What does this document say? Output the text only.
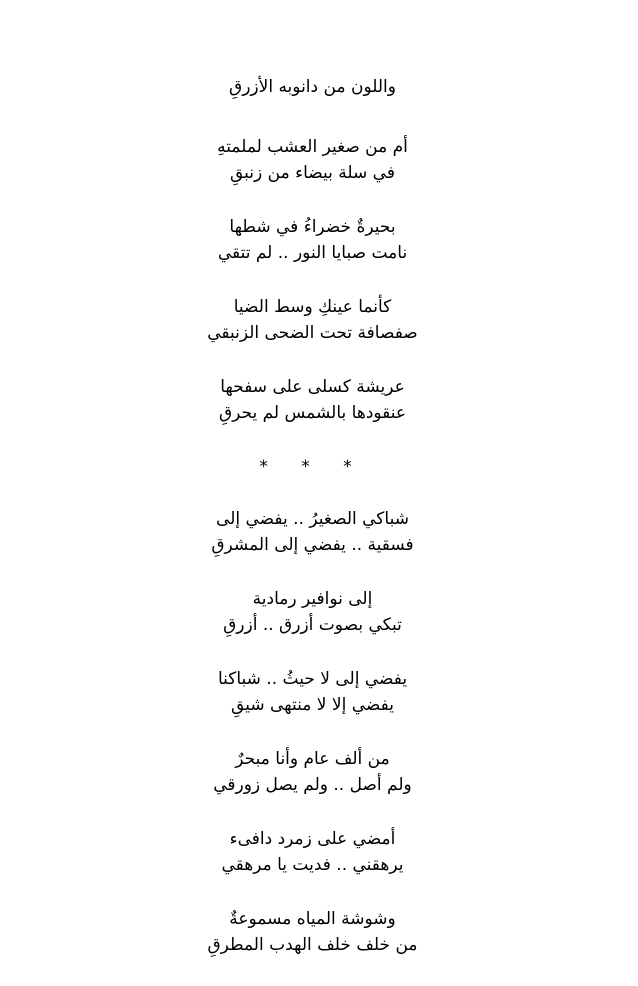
واللون من دانوبه الأزرقِ
أم من صغير العشب لملمتهِ
في سلة بيضاء من زنبقِ
بحيرةٌ خضراءُ في شطها
نامت صبايا النور .. لم تتقي
كأنما عينكِ وسط الضيا
صفصافة تحت الضحى الزنبقي
عريشة كسلى على سفحها
عنقودها بالشمس لم يحرقِ
* * *
شباكي الصغيرُ .. يفضي إلى
فسقية .. يفضي إلى المشرقِ
إلى نوافير رمادية
تبكي بصوت أزرق .. أزرقِ
يفضي إلى لا حيثُ .. شباكنا
يفضي إلا لا منتهى شيقِ
من ألف عام وأنا مبحرٌ
ولم أصل .. ولم يصل زورقي
أمضي على زمرد دافىء
يرهقني .. فديت يا مرهقي
وشوشة المياه مسموعةٌ
من خلف خلف الهدب المطرقِ
